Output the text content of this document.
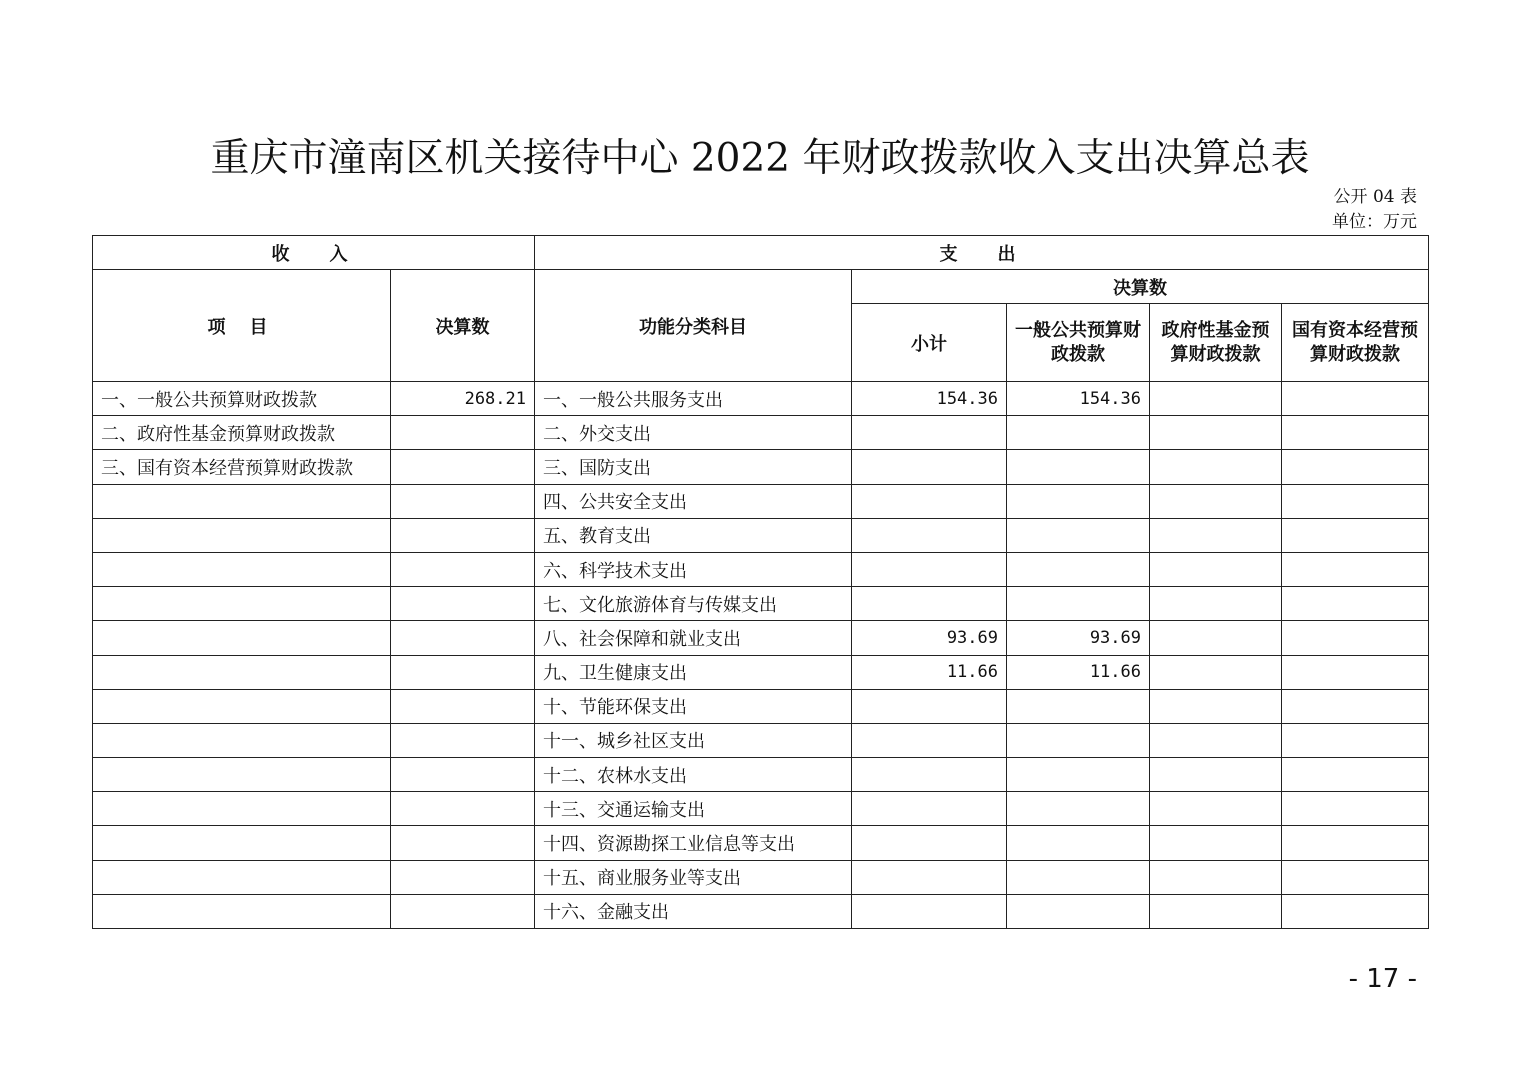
重庆市潼南区机关接待中心 2022 年财政拨款收入支出决算总表
公开 04 表
单位：万元
收入		支出				
项目	决算数	功能分类科目	决算数			
			小计	一般公共预算财政拨款	政府性基金预算财政拨款	国有资本经营预算财政拨款
一、一般公共预算财政拨款	268.21	一、一般公共服务支出	154.36	154.36		
二、政府性基金预算财政拨款		二、外交支出				
三、国有资本经营预算财政拨款		三、国防支出				
		四、公共安全支出				
		五、教育支出				
		六、科学技术支出				
		七、文化旅游体育与传媒支出				
		八、社会保障和就业支出	93.69	93.69		
		九、卫生健康支出	11.66	11.66		
		十、节能环保支出				
		十一、城乡社区支出				
		十二、农林水支出				
		十三、交通运输支出				
		十四、资源勘探工业信息等支出				
		十五、商业服务业等支出				
		十六、金融支出				
- 17 -
